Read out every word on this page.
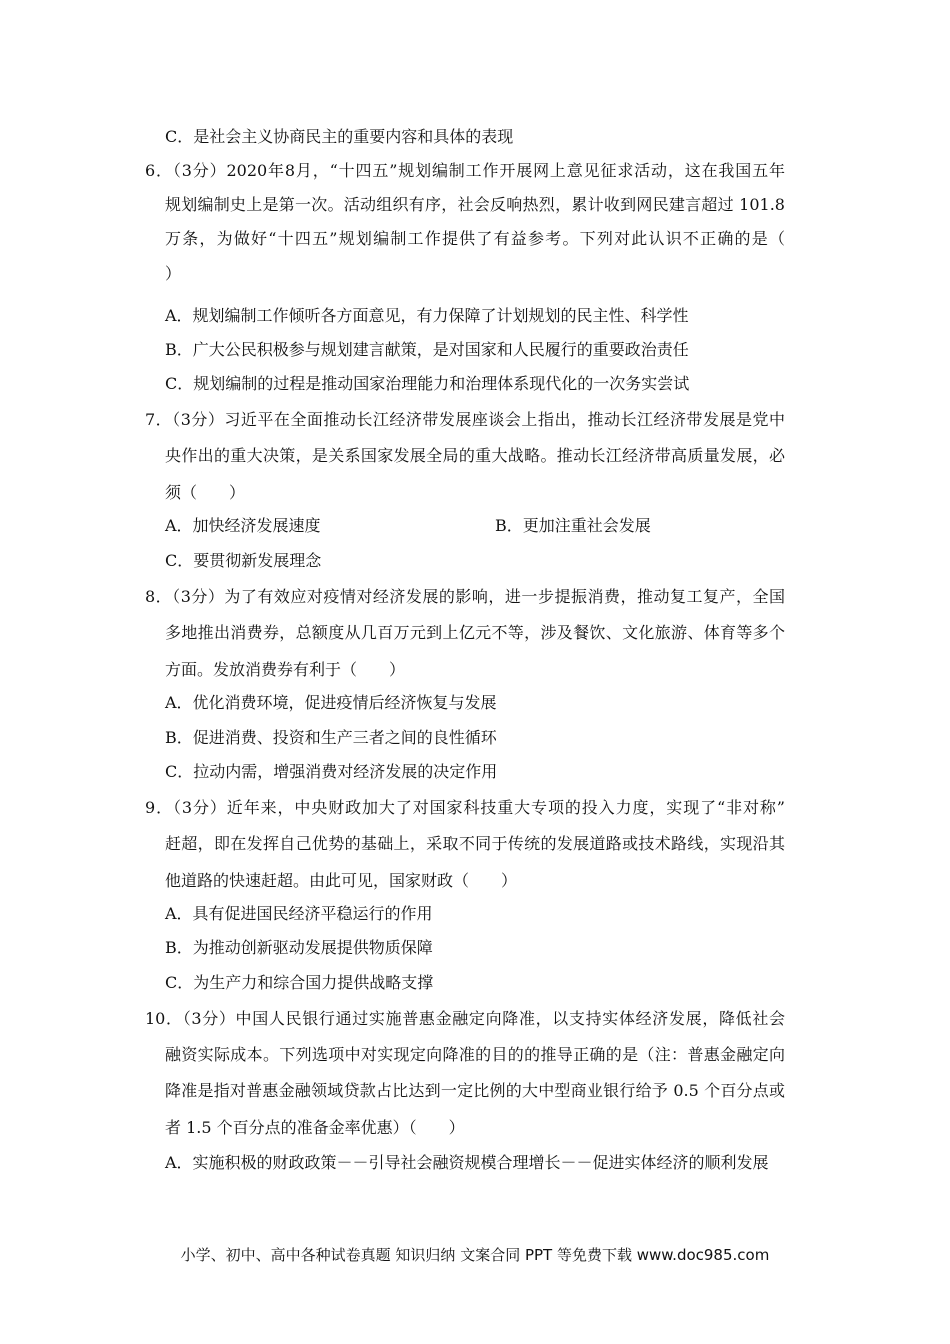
C．是社会主义协商民主的重要内容和具体的表现
6．（3分）2020年8月，“十四五”规划编制工作开展网上意见征求活动，这在我国五年
规划编制史上是第一次。活动组织有序，社会反响热烈，累计收到网民建言超过 101.8
万条，为做好“十四五”规划编制工作提供了有益参考。下列对此认识不正确的是（
）
A．规划编制工作倾听各方面意见，有力保障了计划规划的民主性、科学性
B．广大公民积极参与规划建言献策，是对国家和人民履行的重要政治责任
C．规划编制的过程是推动国家治理能力和治理体系现代化的一次务实尝试
7．（3分）习近平在全面推动长江经济带发展座谈会上指出，推动长江经济带发展是党中
央作出的重大决策，是关系国家发展全局的重大战略。推动长江经济带高质量发展，必
须（　　）
A．加快经济发展速度	B．更加注重社会发展
C．要贯彻新发展理念
8．（3分）为了有效应对疫情对经济发展的影响，进一步提振消费，推动复工复产，全国
多地推出消费券，总额度从几百万元到上亿元不等，涉及餐饮、文化旅游、体育等多个
方面。发放消费券有利于（　　）
A．优化消费环境，促进疫情后经济恢复与发展
B．促进消费、投资和生产三者之间的良性循环
C．拉动内需，增强消费对经济发展的决定作用
9．（3分）近年来，中央财政加大了对国家科技重大专项的投入力度，实现了“非对称”
赶超，即在发挥自己优势的基础上，采取不同于传统的发展道路或技术路线，实现沿其
他道路的快速赶超。由此可见，国家财政（　　）
A．具有促进国民经济平稳运行的作用
B．为推动创新驱动发展提供物质保障
C．为生产力和综合国力提供战略支撑
10．（3分）中国人民银行通过实施普惠金融定向降准，以支持实体经济发展，降低社会
融资实际成本。下列选项中对实现定向降准的目的的推导正确的是（注：普惠金融定向
降准是指对普惠金融领域贷款占比达到一定比例的大中型商业银行给予 0.5 个百分点或
者 1.5 个百分点的准备金率优惠）（　　）
A．实施积极的财政政策－－引导社会融资规模合理增长－－促进实体经济的顺利发展
小学、初中、高中各种试卷真题 知识归纳 文案合同 PPT 等免费下载 www.doc985.com
